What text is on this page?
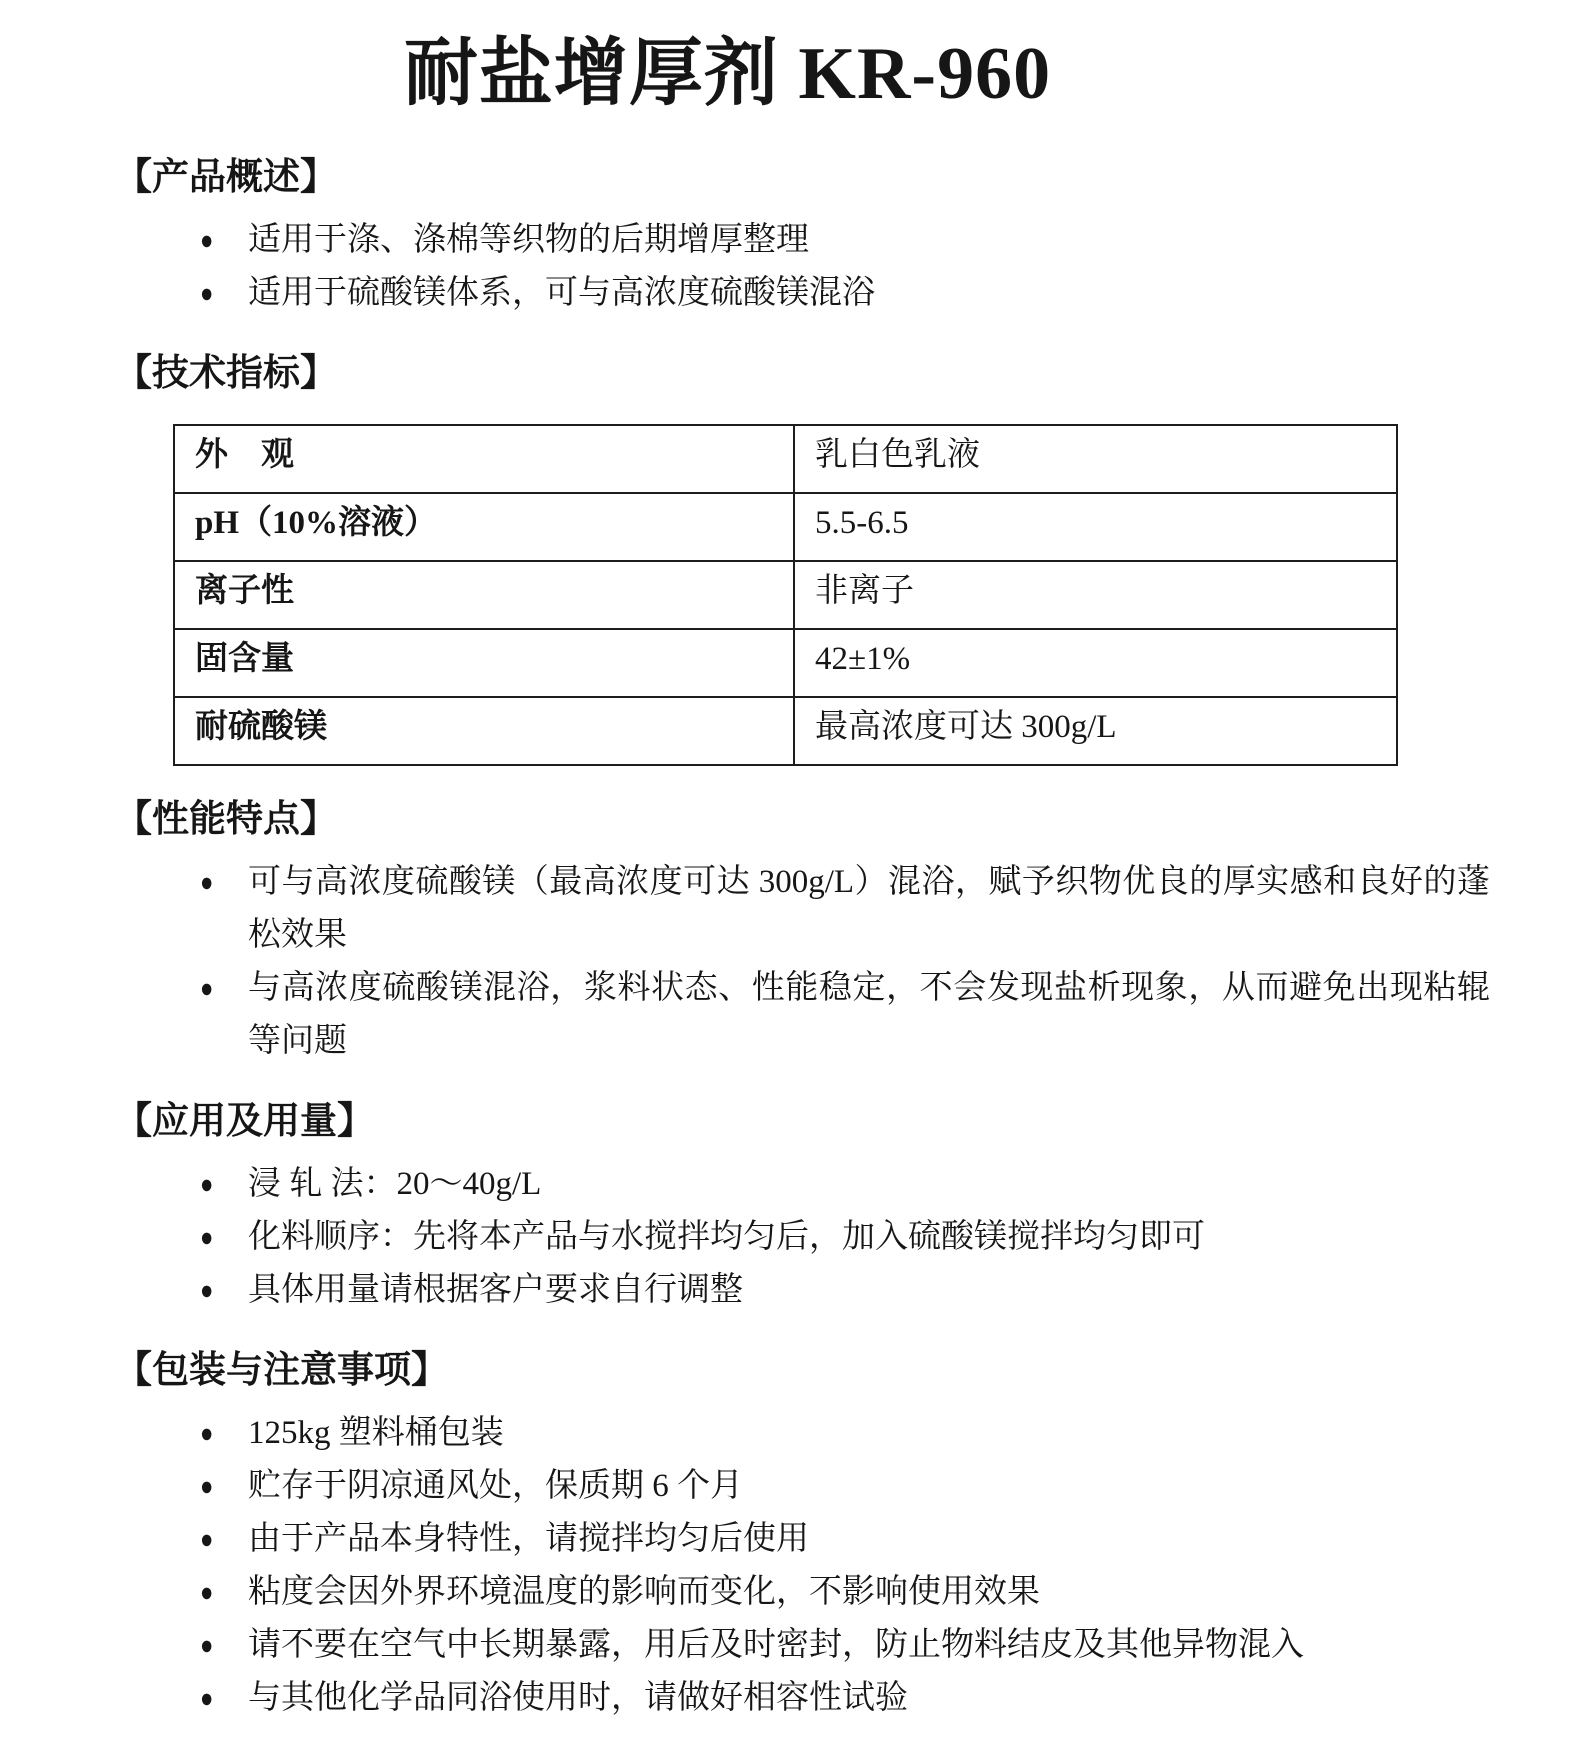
耐盐增厚剂 KR-960
【产品概述】
●	适用于涤、涤棉等织物的后期增厚整理
●	适用于硫酸镁体系，可与高浓度硫酸镁混浴
【技术指标】
外　观	乳白色乳液
pH（10%溶液）	5.5-6.5
离子性	非离子
固含量	42±1%
耐硫酸镁	最高浓度可达 300g/L
【性能特点】
●	可与高浓度硫酸镁（最高浓度可达 300g/L）混浴，赋予织物优良的厚实感和良好的蓬松效果
●	与高浓度硫酸镁混浴，浆料状态、性能稳定，不会发现盐析现象，从而避免出现粘辊等问题
【应用及用量】
●	浸 轧 法：20～40g/L
●	化料顺序：先将本产品与水搅拌均匀后，加入硫酸镁搅拌均匀即可
●	具体用量请根据客户要求自行调整
【包装与注意事项】
●	125kg 塑料桶包装
●	贮存于阴凉通风处，保质期 6 个月
●	由于产品本身特性，请搅拌均匀后使用
●	粘度会因外界环境温度的影响而变化，不影响使用效果
●	请不要在空气中长期暴露，用后及时密封，防止物料结皮及其他异物混入
●	与其他化学品同浴使用时，请做好相容性试验
